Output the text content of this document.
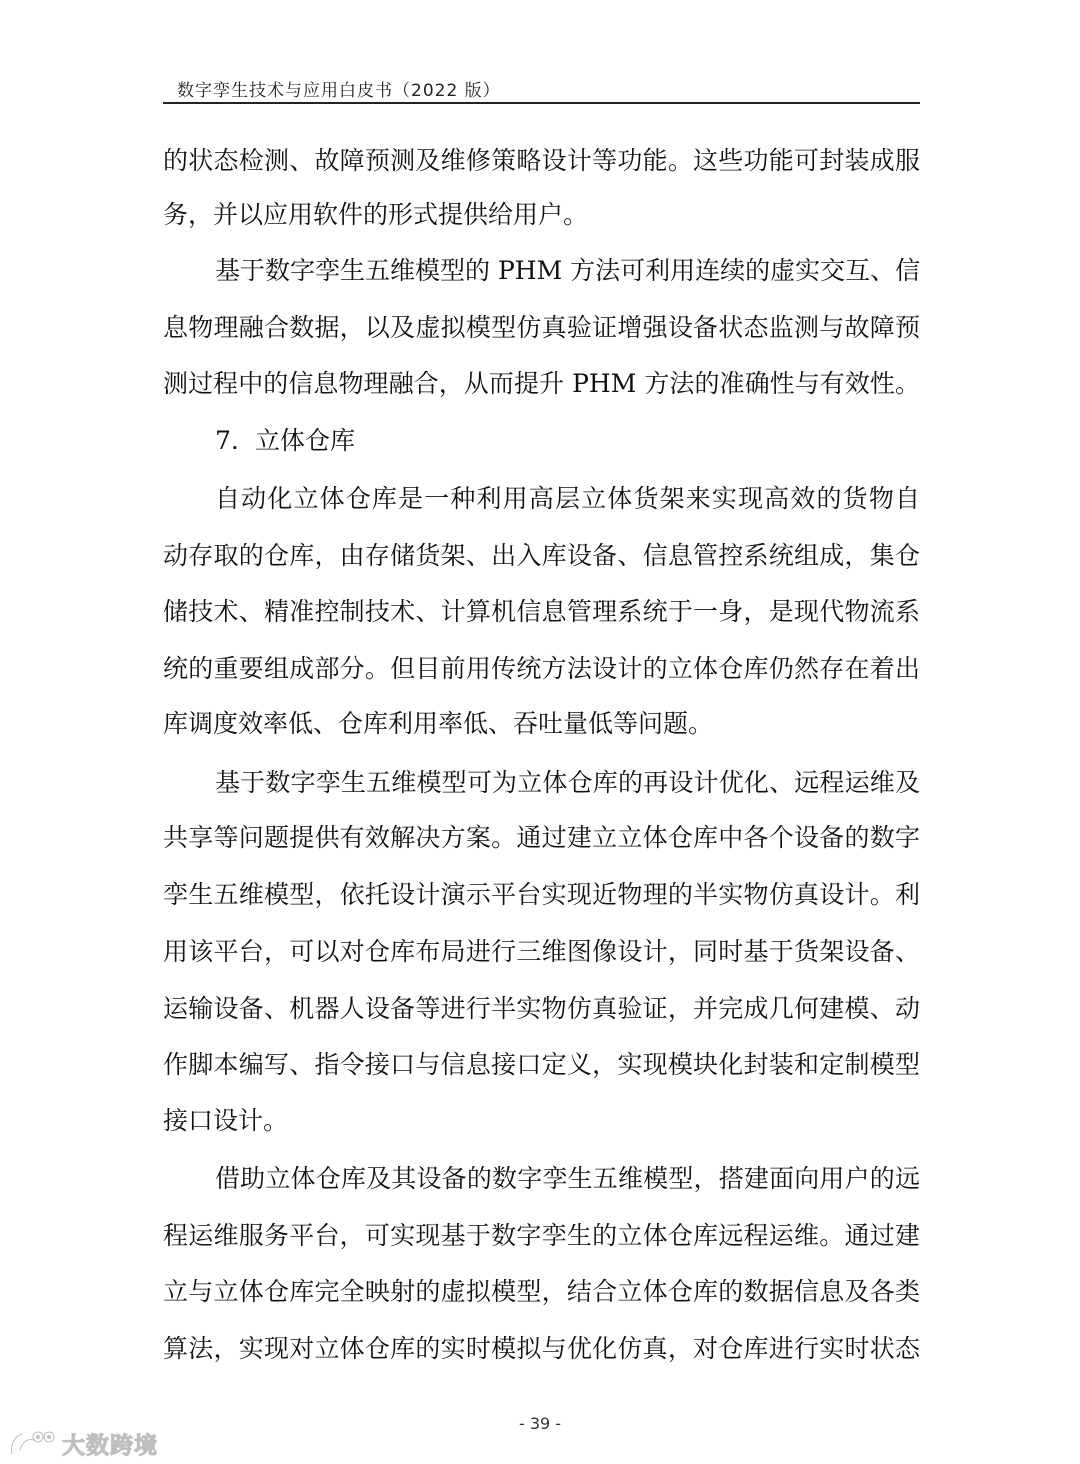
数字孪生技术与应用白皮书（2022 版）
的状态检测、故障预测及维修策略设计等功能。这些功能可封装成服
务，并以应用软件的形式提供给用户。
基于数字孪生五维模型的 PHM 方法可利用连续的虚实交互、信
息物理融合数据，以及虚拟模型仿真验证增强设备状态监测与故障预
测过程中的信息物理融合，从而提升 PHM 方法的准确性与有效性。
7. 立体仓库
自动化立体仓库是一种利用高层立体货架来实现高效的货物自
动存取的仓库，由存储货架、出入库设备、信息管控系统组成，集仓
储技术、精准控制技术、计算机信息管理系统于一身，是现代物流系
统的重要组成部分。但目前用传统方法设计的立体仓库仍然存在着出
库调度效率低、仓库利用率低、吞吐量低等问题。
基于数字孪生五维模型可为立体仓库的再设计优化、远程运维及
共享等问题提供有效解决方案。通过建立立体仓库中各个设备的数字
孪生五维模型，依托设计演示平台实现近物理的半实物仿真设计。利
用该平台，可以对仓库布局进行三维图像设计，同时基于货架设备、
运输设备、机器人设备等进行半实物仿真验证，并完成几何建模、动
作脚本编写、指令接口与信息接口定义，实现模块化封装和定制模型
接口设计。
借助立体仓库及其设备的数字孪生五维模型，搭建面向用户的远
程运维服务平台，可实现基于数字孪生的立体仓库远程运维。通过建
立与立体仓库完全映射的虚拟模型，结合立体仓库的数据信息及各类
算法，实现对立体仓库的实时模拟与优化仿真，对仓库进行实时状态
- 39 -
大数跨境
